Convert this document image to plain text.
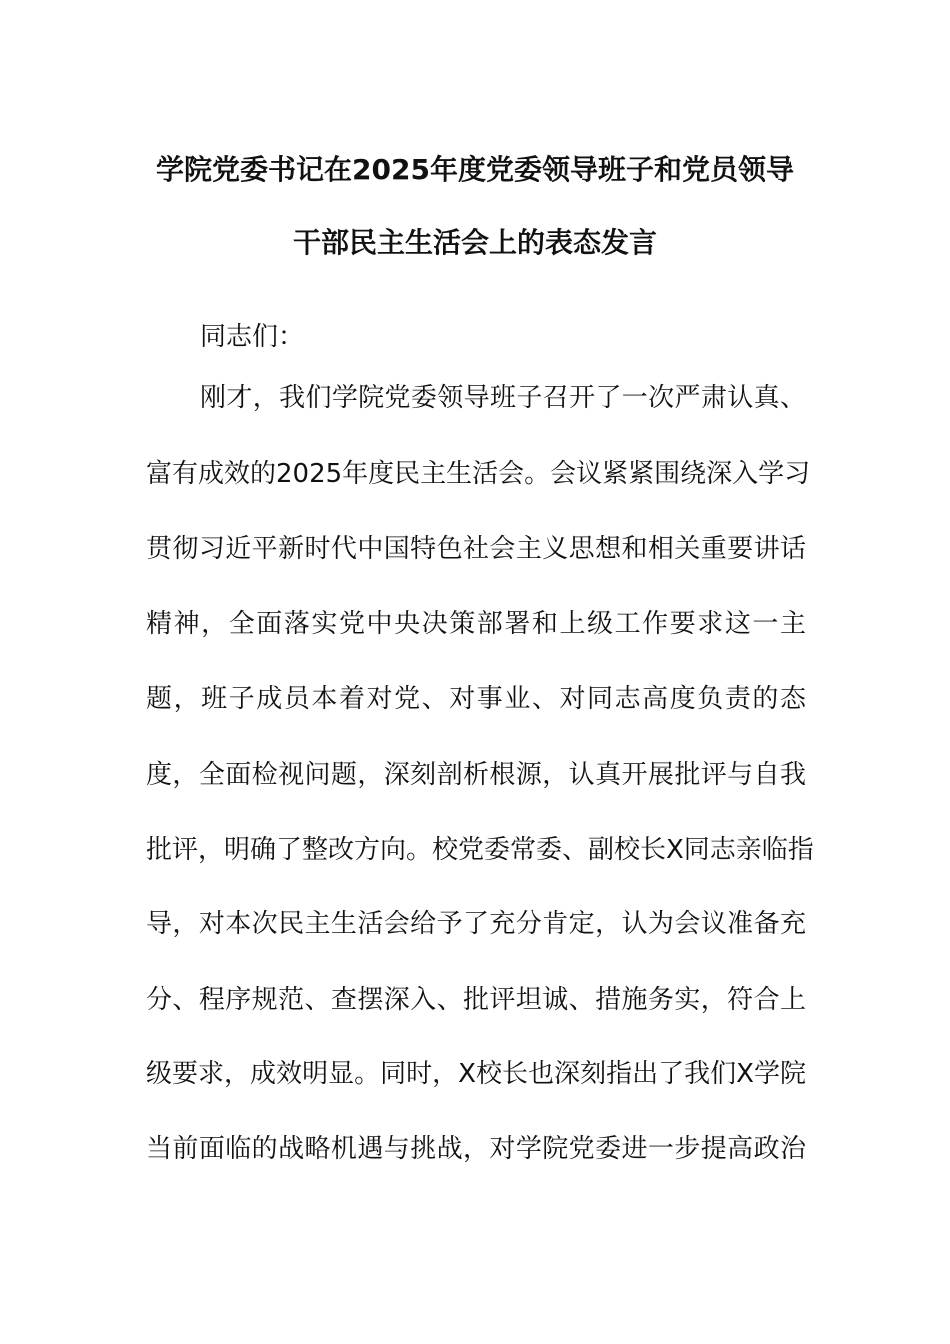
学院党委书记在2025年度党委领导班子和党员领导
干部民主生活会上的表态发言
同志们：
刚才，我们学院党委领导班子召开了一次严肃认真、
富有成效的2025年度民主生活会。会议紧紧围绕深入学习
贯彻习近平新时代中国特色社会主义思想和相关重要讲话
精神，全面落实党中央决策部署和上级工作要求这一主
题，班子成员本着对党、对事业、对同志高度负责的态
度，全面检视问题，深刻剖析根源，认真开展批评与自我
批评，明确了整改方向。校党委常委、副校长X同志亲临指
导，对本次民主生活会给予了充分肯定，认为会议准备充
分、程序规范、查摆深入、批评坦诚、措施务实，符合上
级要求，成效明显。同时，X校长也深刻指出了我们X学院
当前面临的战略机遇与挑战，对学院党委进一步提高政治
